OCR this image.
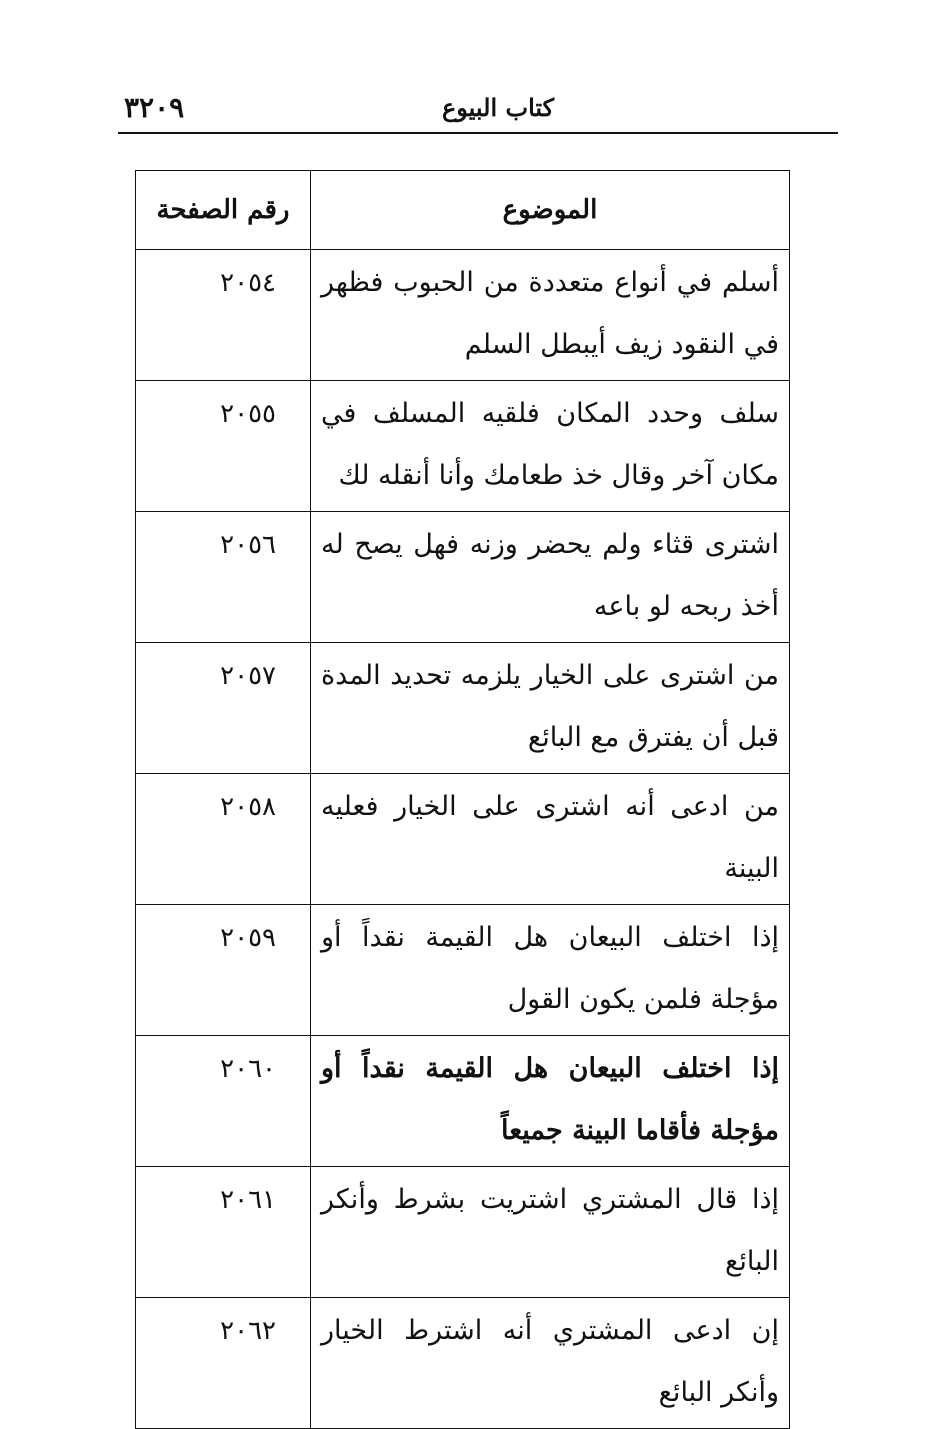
٣٢٠٩	كتاب البيوع
الموضوع	رقم الصفحة
أسلم في أنواع متعددة من الحبوب فظهر في النقود زيف أيبطل السلم	٢٠٥٤
سلف وحدد المكان فلقيه المسلف في مكان آخر وقال خذ طعامك وأنا أنقله لك	٢٠٥٥
اشترى قثاء ولم يحضر وزنه فهل يصح له أخذ ربحه لو باعه	٢٠٥٦
من اشترى على الخيار يلزمه تحديد المدة قبل أن يفترق مع البائع	٢٠٥٧
من ادعى أنه اشترى على الخيار فعليه البينة	٢٠٥٨
إذا اختلف البيعان هل القيمة نقداً أو مؤجلة فلمن يكون القول	٢٠٥٩
إذا اختلف البيعان هل القيمة نقداً أو مؤجلة فأقاما البينة جميعاً	٢٠٦٠
إذا قال المشتري اشتريت بشرط وأنكر البائع	٢٠٦١
إن ادعى المشتري أنه اشترط الخيار وأنكر البائع	٢٠٦٢
